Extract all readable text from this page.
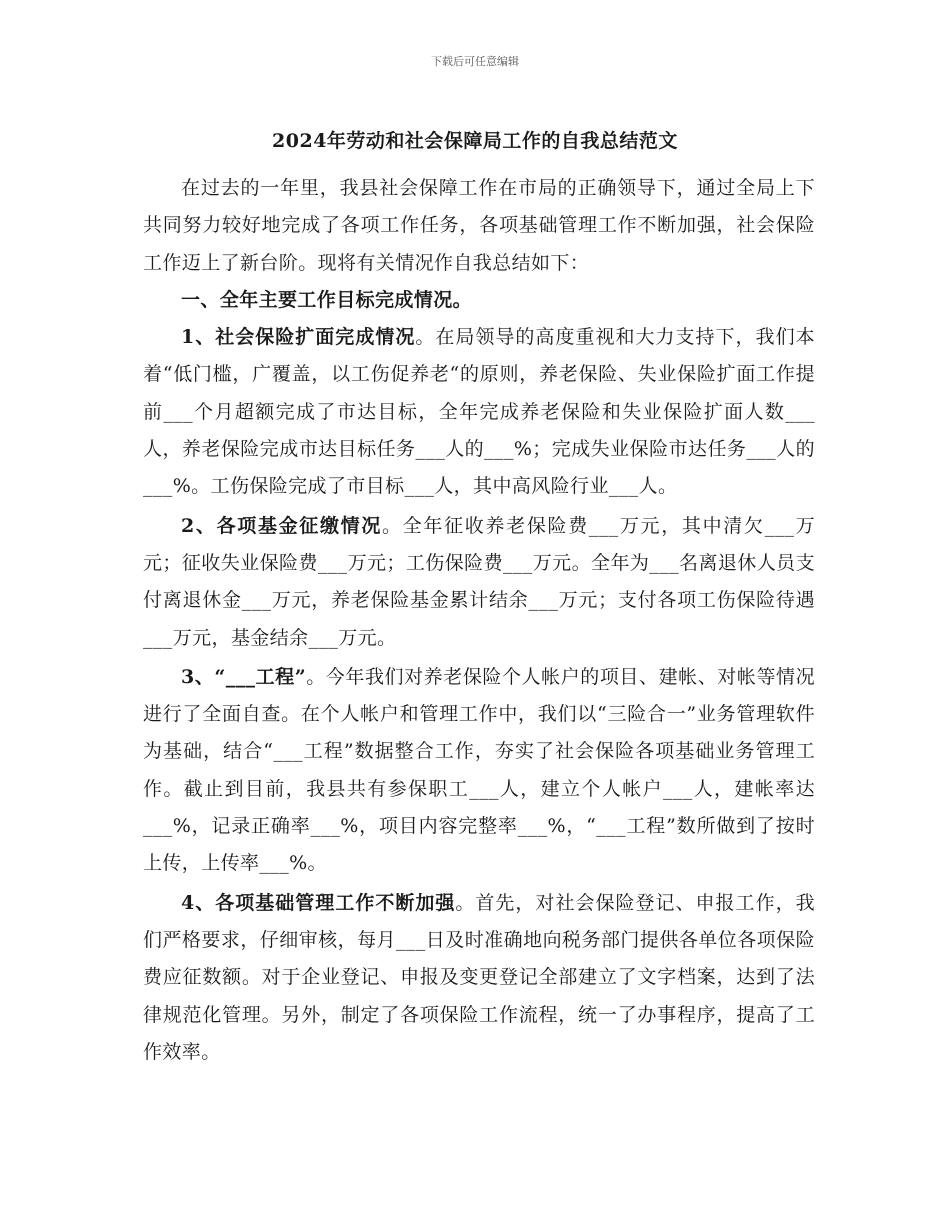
下载后可任意编辑
2024年劳动和社会保障局工作的自我总结范文

在过去的一年里，我县社会保障工作在市局的正确领导下，通过全局上下共同努力较好地完成了各项工作任务，各项基础管理工作不断加强，社会保险工作迈上了新台阶。现将有关情况作自我总结如下：

一、全年主要工作目标完成情况。

1、社会保险扩面完成情况。在局领导的高度重视和大力支持下，我们本着“低门槛，广覆盖，以工伤促养老“的原则，养老保险、失业保险扩面工作提前___个月超额完成了市达目标，全年完成养老保险和失业保险扩面人数___人，养老保险完成市达目标任务___人的___%；完成失业保险市达任务___人的___%。工伤保险完成了市目标___人，其中高风险行业___人。

2、各项基金征缴情况。全年征收养老保险费___万元，其中清欠___万元；征收失业保险费___万元；工伤保险费___万元。全年为___名离退休人员支付离退休金___万元，养老保险基金累计结余___万元；支付各项工伤保险待遇___万元，基金结余___万元。

3、“___工程”。今年我们对养老保险个人帐户的项目、建帐、对帐等情况进行了全面自查。在个人帐户和管理工作中，我们以“三险合一”业务管理软件为基础，结合“___工程”数据整合工作，夯实了社会保险各项基础业务管理工作。截止到目前，我县共有参保职工___人，建立个人帐户___人，建帐率达___%，记录正确率___%，项目内容完整率___%，“___工程”数所做到了按时上传，上传率___%。

4、各项基础管理工作不断加强。首先，对社会保险登记、申报工作，我们严格要求，仔细审核，每月___日及时准确地向税务部门提供各单位各项保险费应征数额。对于企业登记、申报及变更登记全部建立了文字档案，达到了法律规范化管理。另外，制定了各项保险工作流程，统一了办事程序，提高了工作效率。
